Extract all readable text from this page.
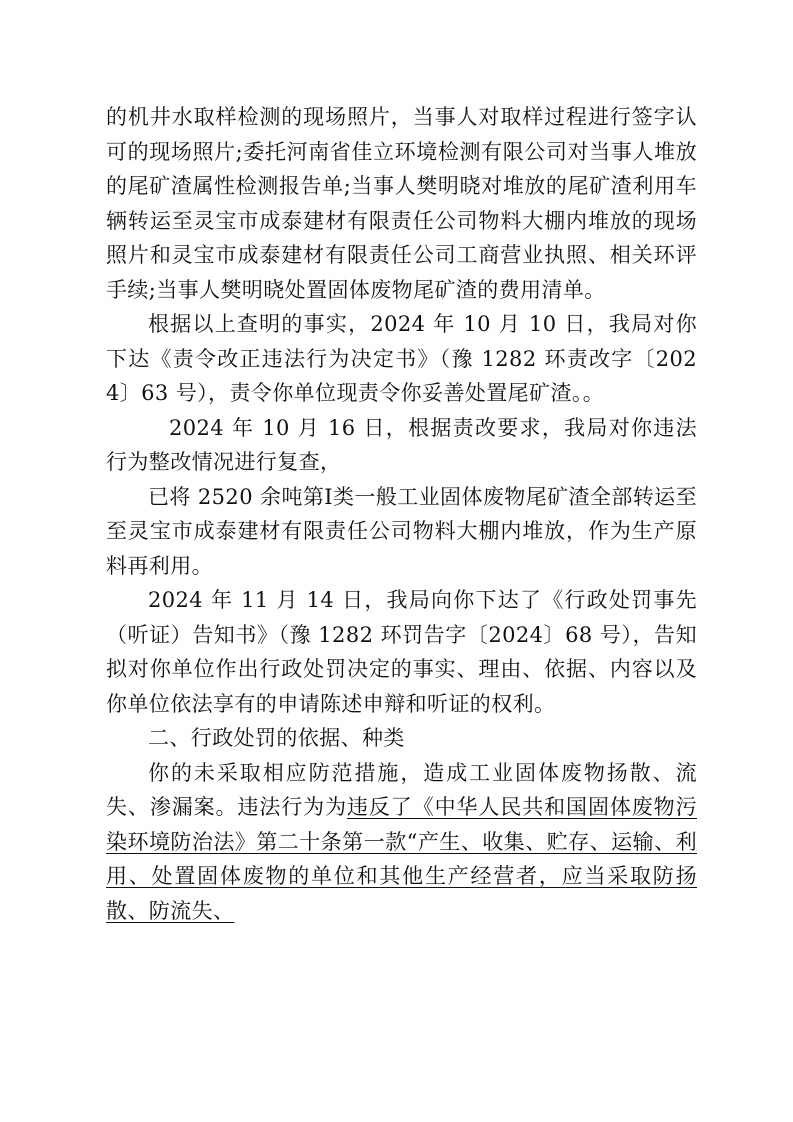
的机井水取样检测的现场照片，当事人对取样过程进行签字认可的现场照片;委托河南省佳立环境检测有限公司对当事人堆放的尾矿渣属性检测报告单;当事人樊明晓对堆放的尾矿渣利用车辆转运至灵宝市成泰建材有限责任公司物料大棚内堆放的现场照片和灵宝市成泰建材有限责任公司工商营业执照、相关环评手续;当事人樊明晓处置固体废物尾矿渣的费用清单。

根据以上查明的事实，2024 年 10 月 10 日，我局对你下达《责令改正违法行为决定书》（豫 1282 环责改字〔2024〕63 号），责令你单位现责令你妥善处置尾矿渣。。

2024 年 10 月 16 日，根据责改要求，我局对你违法行为整改情况进行复查，

已将 2520 余吨第Ⅰ类一般工业固体废物尾矿渣全部转运至至灵宝市成泰建材有限责任公司物料大棚内堆放，作为生产原料再利用。

2024 年 11 月 14 日，我局向你下达了《行政处罚事先（听证）告知书》（豫 1282 环罚告字〔2024〕68 号），告知拟对你单位作出行政处罚决定的事实、理由、依据、内容以及你单位依法享有的申请陈述申辩和听证的权利。

二、行政处罚的依据、种类

你的未采取相应防范措施，造成工业固体废物扬散、流失、渗漏案。违法行为为违反了《中华人民共和国固体废物污染环境防治法》第二十条第一款“产生、收集、贮存、运输、利用、处置固体废物的单位和其他生产经营者，应当采取防扬散、防流失、
